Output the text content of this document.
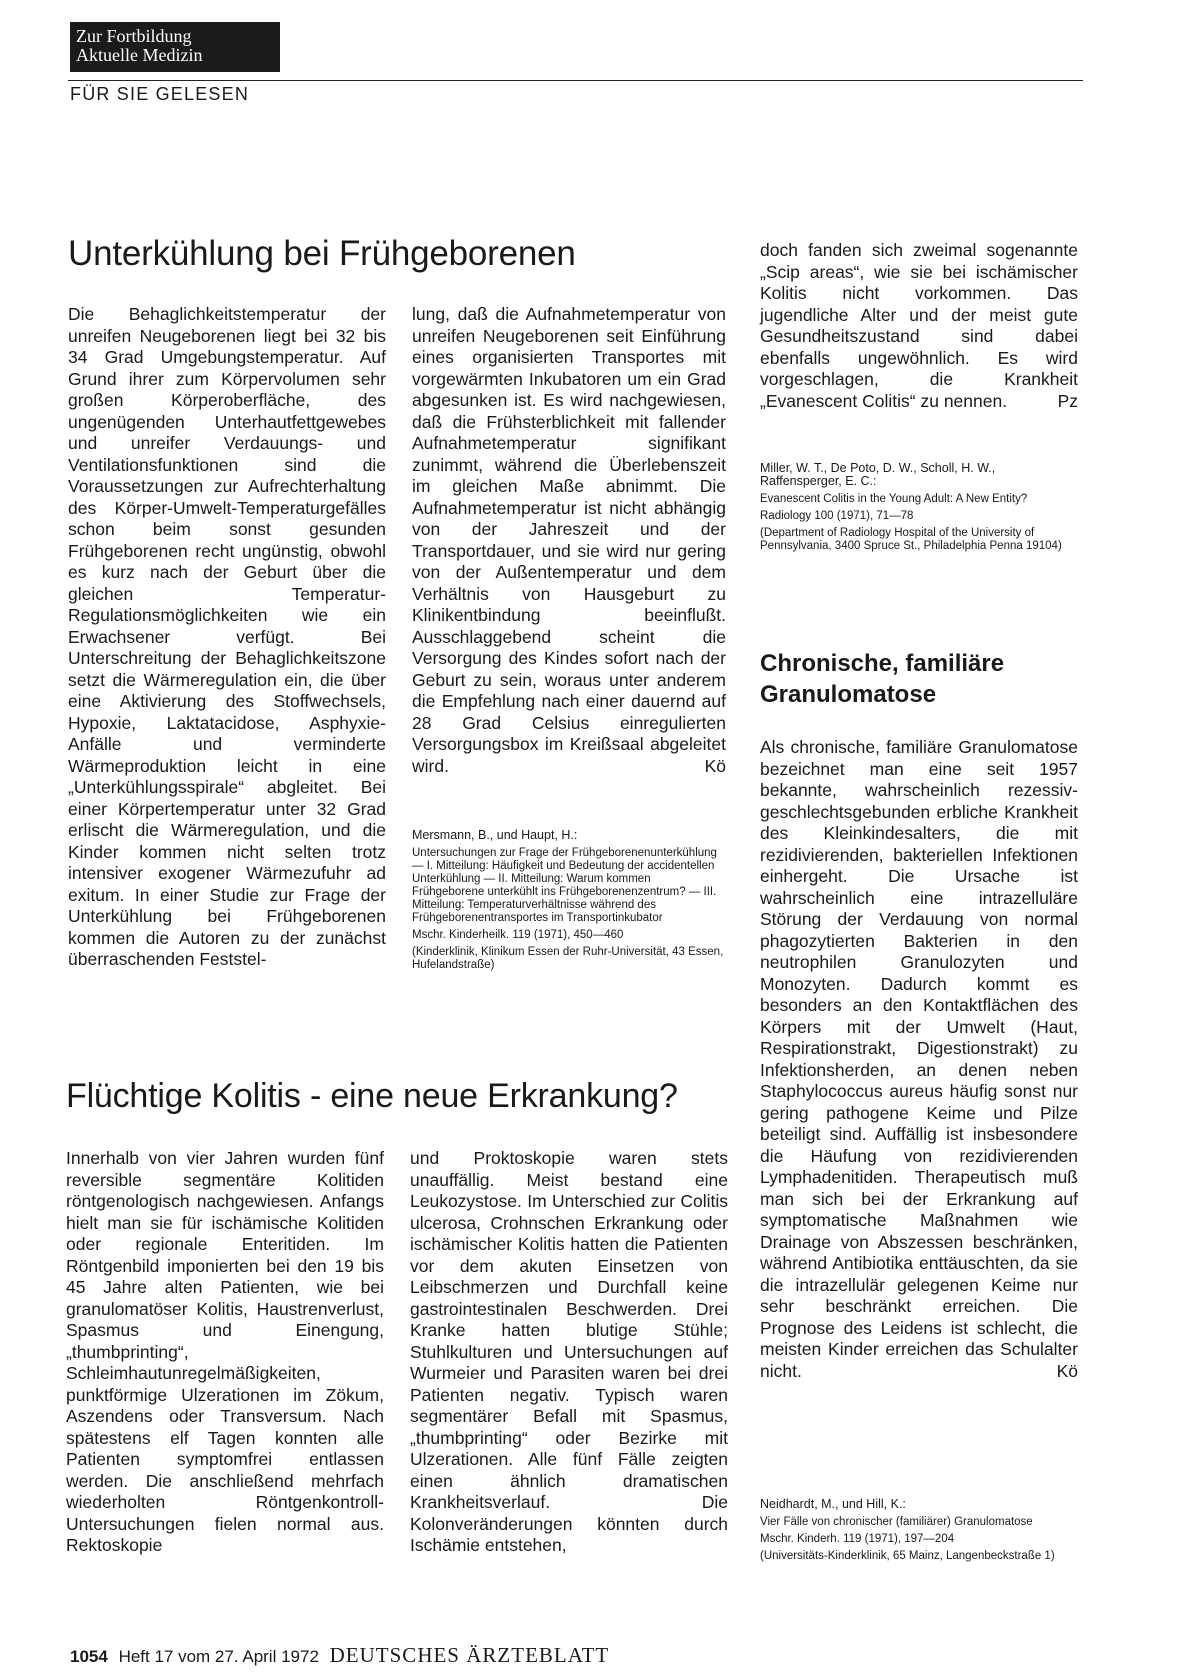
Zur Fortbildung
Aktuelle Medizin
FÜR SIE GELESEN
Unterkühlung bei Frühgeborenen

Die Behaglichkeitstemperatur der unreifen Neugeborenen liegt bei 32 bis 34 Grad Umgebungstemperatur. Auf Grund ihrer zum Körpervolumen sehr großen Körperoberfläche, des ungenügenden Unterhautfettgewebes und unreifer Verdauungs- und Ventilationsfunktionen sind die Voraussetzungen zur Aufrechterhaltung des Körper-Umwelt-Temperaturgefälles schon beim sonst gesunden Frühgeborenen recht ungünstig, obwohl es kurz nach der Geburt über die gleichen Temperatur-Regulationsmöglichkeiten wie ein Erwachsener verfügt. Bei Unterschreitung der Behaglichkeitszone setzt die Wärmeregulation ein, die über eine Aktivierung des Stoffwechsels, Hypoxie, Laktatacidose, Asphyxie-Anfälle und verminderte Wärmeproduktion leicht in eine „Unterkühlungsspirale“ abgleitet. Bei einer Körpertemperatur unter 32 Grad erlischt die Wärmeregulation, und die Kinder kommen nicht selten trotz intensiver exogener Wärmezufuhr ad exitum. In einer Studie zur Frage der Unterkühlung bei Frühgeborenen kommen die Autoren zu der zunächst überraschenden Feststel-

lung, daß die Aufnahmetemperatur von unreifen Neugeborenen seit Einführung eines organisierten Transportes mit vorgewärmten Inkubatoren um ein Grad abgesunken ist. Es wird nachgewiesen, daß die Frühsterblichkeit mit fallender Aufnahmetemperatur signifikant zunimmt, während die Überlebenszeit im gleichen Maße abnimmt. Die Aufnahmetemperatur ist nicht abhängig von der Jahreszeit und der Transportdauer, und sie wird nur gering von der Außentemperatur und dem Verhältnis von Hausgeburt zu Klinikentbindung beeinflußt. Ausschlaggebend scheint die Versorgung des Kindes sofort nach der Geburt zu sein, woraus unter anderem die Empfehlung nach einer dauernd auf 28 Grad Celsius einregulierten Versorgungsbox im Kreißsaal abgeleitet wird.	Kö

Mersmann, B., und Haupt, H.:
Untersuchungen zur Frage der Frühgeborenenunterkühlung — I. Mitteilung: Häufigkeit und Bedeutung der accidentellen Unterkühlung — II. Mitteilung: Warum kommen Frühgeborene unterkühlt ins Frühgeborenenzentrum? — III. Mitteilung: Temperaturverhältnisse während des Frühgeborenentransportes im Transportinkubator
Mschr. Kinderheilk. 119 (1971), 450—460
(Kinderklinik, Klinikum Essen der Ruhr-Universität, 43 Essen, Hufelandstraße)
Flüchtige Kolitis - eine neue Erkrankung?

Innerhalb von vier Jahren wurden fünf reversible segmentäre Kolitiden röntgenologisch nachgewiesen. Anfangs hielt man sie für ischämische Kolitiden oder regionale Enteritiden. Im Röntgenbild imponierten bei den 19 bis 45 Jahre alten Patienten, wie bei granulomatöser Kolitis, Haustrenverlust, Spasmus und Einengung, „thumbprinting“, Schleimhautunregelmäßigkeiten, punktförmige Ulzerationen im Zökum, Aszendens oder Transversum. Nach spätestens elf Tagen konnten alle Patienten symptomfrei entlassen werden. Die anschließend mehrfach wiederholten Röntgenkontroll-Untersuchungen fielen normal aus. Rektoskopie

und Proktoskopie waren stets unauffällig. Meist bestand eine Leukozystose. Im Unterschied zur Colitis ulcerosa, Crohnschen Erkrankung oder ischämischer Kolitis hatten die Patienten vor dem akuten Einsetzen von Leibschmerzen und Durchfall keine gastrointestinalen Beschwerden. Drei Kranke hatten blutige Stühle; Stuhlkulturen und Untersuchungen auf Wurmeier und Parasiten waren bei drei Patienten negativ. Typisch waren segmentärer Befall mit Spasmus, „thumbprinting“ oder Bezirke mit Ulzerationen. Alle fünf Fälle zeigten einen ähnlich dramatischen Krankheitsverlauf. Die Kolonveränderungen könnten durch Ischämie entstehen,

doch fanden sich zweimal sogenannte „Scip areas“, wie sie bei ischämischer Kolitis nicht vorkommen. Das jugendliche Alter und der meist gute Gesundheitszustand sind dabei ebenfalls ungewöhnlich. Es wird vorgeschlagen, die Krankheit „Evanescent Colitis“ zu nennen.	Pz

Miller, W. T., De Poto, D. W., Scholl, H. W., Raffensperger, E. C.:
Evanescent Colitis in the Young Adult: A New Entity?
Radiology 100 (1971), 71—78
(Department of Radiology Hospital of the University of Pennsylvania, 3400 Spruce St., Philadelphia Penna 19104)
Chronische, familiäre Granulomatose

Als chronische, familiäre Granulomatose bezeichnet man eine seit 1957 bekannte, wahrscheinlich rezessiv-geschlechtsgebunden erbliche Krankheit des Kleinkindesalters, die mit rezidivierenden, bakteriellen Infektionen einhergeht. Die Ursache ist wahrscheinlich eine intrazelluläre Störung der Verdauung von normal phagozytierten Bakterien in den neutrophilen Granulozyten und Monozyten. Dadurch kommt es besonders an den Kontaktflächen des Körpers mit der Umwelt (Haut, Respirationstrakt, Digestionstrakt) zu Infektionsherden, an denen neben Staphylococcus aureus häufig sonst nur gering pathogene Keime und Pilze beteiligt sind. Auffällig ist insbesondere die Häufung von rezidivierenden Lymphadenitiden. Therapeutisch muß man sich bei der Erkrankung auf symptomatische Maßnahmen wie Drainage von Abszessen beschränken, während Antibiotika enttäuschten, da sie die intrazellulär gelegenen Keime nur sehr beschränkt erreichen. Die Prognose des Leidens ist schlecht, die meisten Kinder erreichen das Schulalter nicht.	Kö

Neidhardt, M., und Hill, K.:
Vier Fälle von chronischer (familiärer) Granulomatose
Mschr. Kinderh. 119 (1971), 197—204
(Universitäts-Kinderklinik, 65 Mainz, Langenbeckstraße 1)
1054 Heft 17 vom 27. April 1972 DEUTSCHES ÄRZTEBLATT
